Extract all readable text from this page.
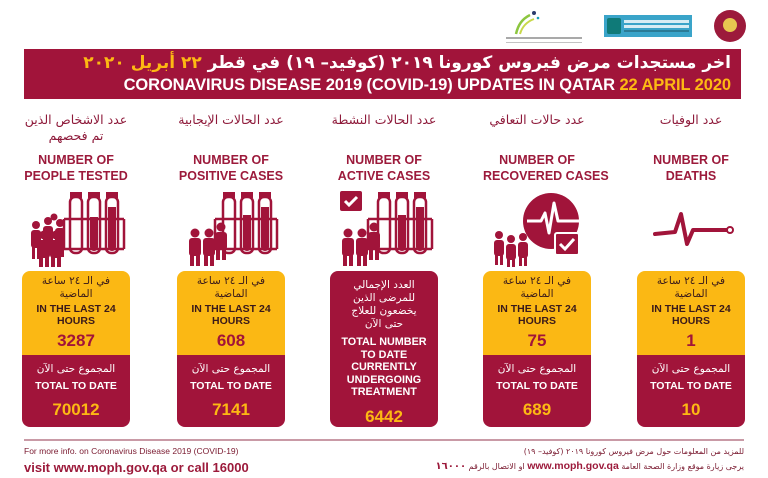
اخر مستجدات مرض فيروس كورونا ٢٠١٩ (كوفيد– ١٩) في قطر ٢٢ أبريل ٢٠٢٠
CORONAVIRUS DISEASE 2019 (COVID-19) UPDATES IN QATAR 22 APRIL 2020
عدد الاشخاص الذين
تم فحصهم
NUMBER OF
PEOPLE TESTED
في الـ ٢٤ ساعة
الماضية
IN THE LAST 24
HOURS
3287
المجموع حتى الآن
TOTAL TO DATE
70012
عدد الحالات الإيجابية
NUMBER OF
POSITIVE CASES
في الـ ٢٤ ساعة
الماضية
IN THE LAST 24
HOURS
608
المجموع حتى الآن
TOTAL TO DATE
7141
عدد الحالات النشطة
NUMBER OF
ACTIVE CASES
العدد الإجمالي
للمرضى الذين
يخضعون للعلاج
حتى الآن
TOTAL NUMBER
TO DATE
CURRENTLY
UNDERGOING
TREATMENT
6442
عدد حالات التعافي
NUMBER OF
RECOVERED CASES
في الـ ٢٤ ساعة
الماضية
IN THE LAST 24
HOURS
75
المجموع حتى الآن
TOTAL TO DATE
689
عدد الوفيات
NUMBER OF
DEATHS
في الـ ٢٤ ساعة
الماضية
IN THE LAST 24
HOURS
1
المجموع حتى الآن
TOTAL TO DATE
10
For more info. on Coronavirus Disease 2019 (COVID-19)
visit www.moph.gov.qa or call 16000
للمزيد من المعلومات حول مرض فيروس كورونا ٢٠١٩ (كوفيد– ١٩)
يرجى زيارة موقع وزارة الصحة العامة www.moph.gov.qa او الاتصال بالرقم ١٦٠٠٠
